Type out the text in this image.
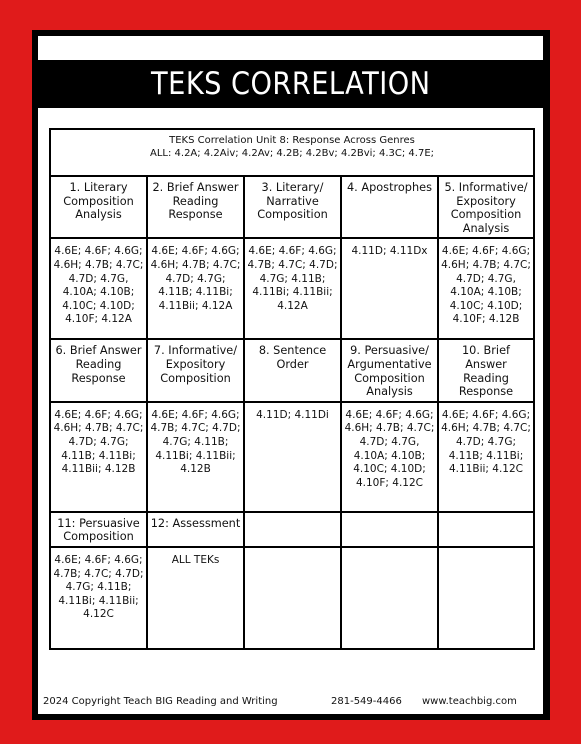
TEKS CORRELATION
TEKS Correlation Unit 8: Response Across Genres
ALL: 4.2A; 4.2Aiv; 4.2Av; 4.2B; 4.2Bv; 4.2Bvi; 4.3C; 4.7E;				

1. Literary Composition Analysis	2. Brief Answer Reading Response	3. Literary/ Narrative Composition	4. Apostrophes	5. Informative/ Expository Composition Analysis
4.6E; 4.6F; 4.6G; 4.6H; 4.7B; 4.7C; 4.7D; 4.7G, 4.10A; 4.10B; 4.10C; 4.10D; 4.10F; 4.12A	4.6E; 4.6F; 4.6G; 4.6H; 4.7B; 4.7C; 4.7D; 4.7G; 4.11B; 4.11Bi; 4.11Bii; 4.12A	4.6E; 4.6F; 4.6G; 4.7B; 4.7C; 4.7D; 4.7G; 4.11B; 4.11Bi; 4.11Bii; 4.12A	4.11D; 4.11Dx	4.6E; 4.6F; 4.6G; 4.6H; 4.7B; 4.7C; 4.7D; 4.7G, 4.10A; 4.10B; 4.10C; 4.10D; 4.10F; 4.12B
6. Brief Answer Reading Response	7. Informative/ Expository Composition	8. Sentence Order	9. Persuasive/ Argumentative Composition Analysis	10. Brief Answer Reading Response
4.6E; 4.6F; 4.6G; 4.6H; 4.7B; 4.7C; 4.7D; 4.7G; 4.11B; 4.11Bi; 4.11Bii; 4.12B	4.6E; 4.6F; 4.6G; 4.7B; 4.7C; 4.7D; 4.7G; 4.11B; 4.11Bi; 4.11Bii; 4.12B	4.11D; 4.11Di	4.6E; 4.6F; 4.6G; 4.6H; 4.7B; 4.7C; 4.7D; 4.7G, 4.10A; 4.10B; 4.10C; 4.10D; 4.10F; 4.12C	4.6E; 4.6F; 4.6G; 4.6H; 4.7B; 4.7C; 4.7D; 4.7G; 4.11B; 4.11Bi; 4.11Bii; 4.12C
11: Persuasive Composition	12: Assessment			
4.6E; 4.6F; 4.6G; 4.7B; 4.7C; 4.7D; 4.7G; 4.11B; 4.11Bi; 4.11Bii; 4.12C	ALL TEKs			
2024 Copyright Teach BIG Reading and Writing	281-549-4466 www.teachbig.com
